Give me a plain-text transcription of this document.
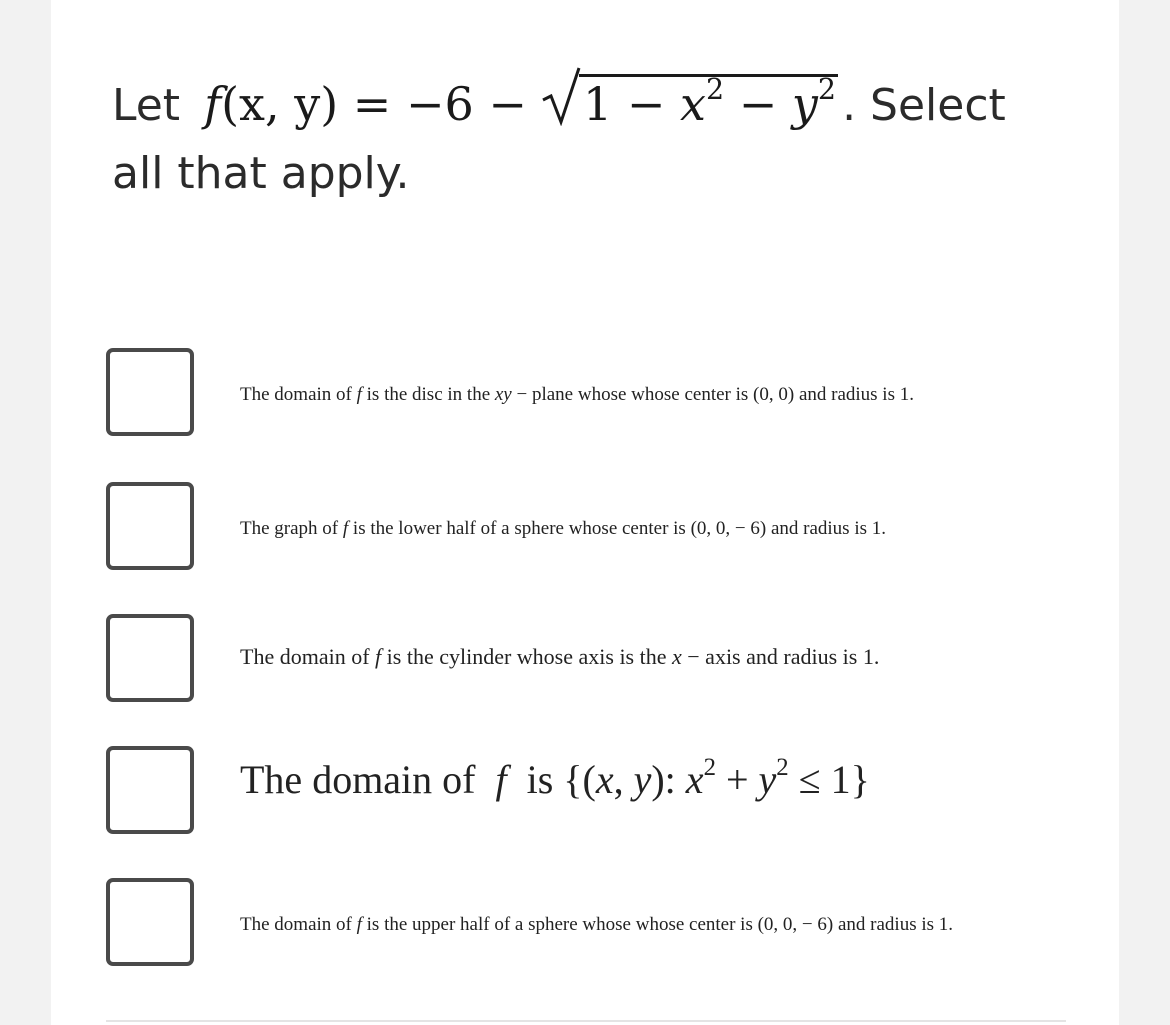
Let f (x, y)
= −6 −	$1 - x^2 - y^2$ . Select
all that apply.
The domain of f is the disc in the xy − plane whose whose center is (0, 0) and radius is 1.
The graph of f is the lower half of a sphere whose center is (0, 0, − 6) and radius is 1.
The domain of f is the cylinder whose axis is the x − axis and radius is 1.
The domain of f is {(x, y): $x^2 + y^2 \le 1$}
The domain of f is the upper half of a sphere whose whose center is (0, 0, − 6) and radius is 1.
